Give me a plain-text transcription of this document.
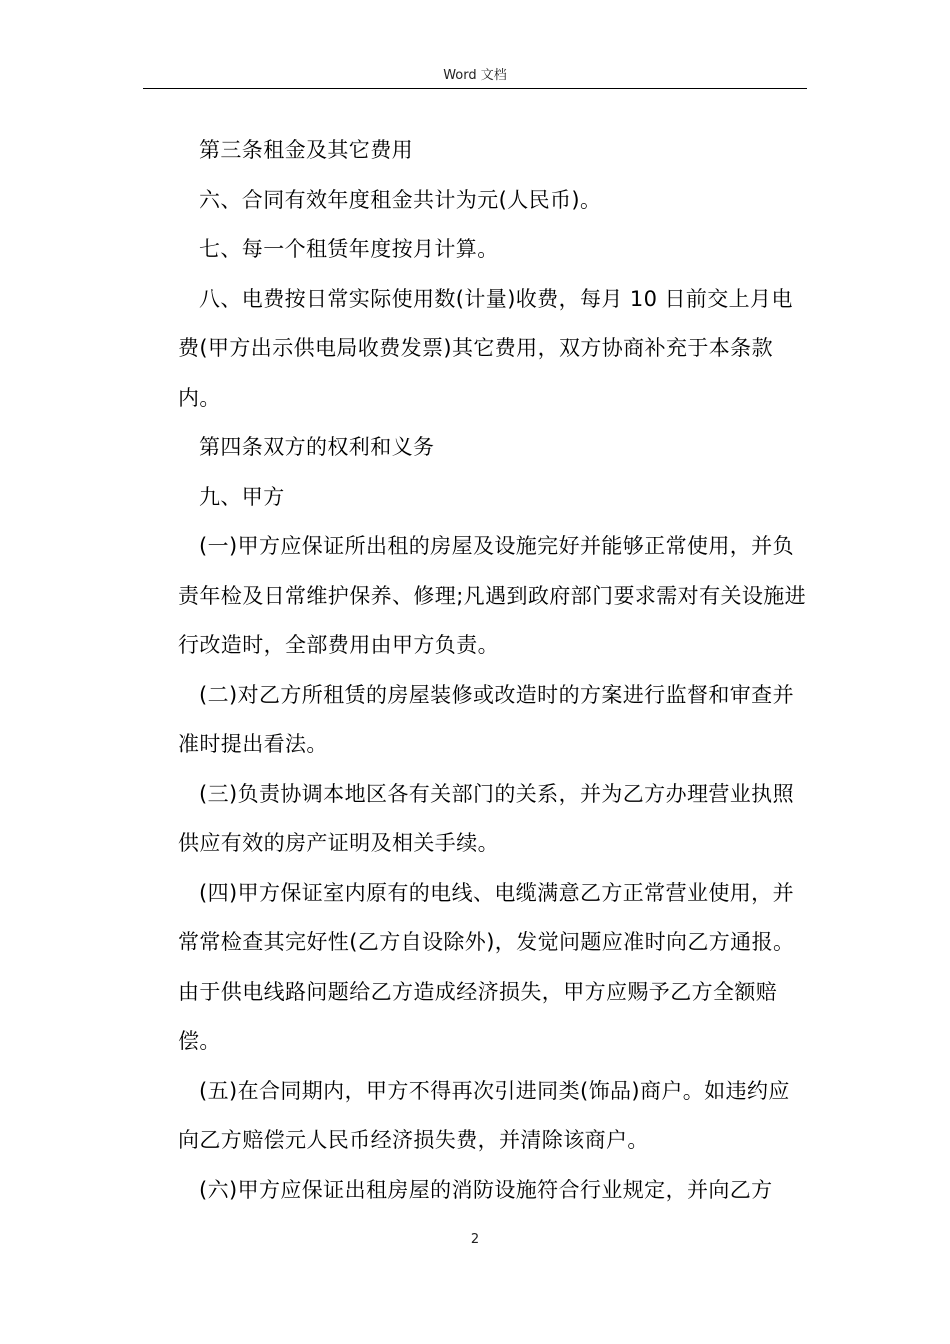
Word 文档

第三条租金及其它费用

六、合同有效年度租金共计为元(人民币)。

七、每一个租赁年度按月计算。

八、电费按日常实际使用数(计量)收费，每月 10 日前交上月电费(甲方出示供电局收费发票)其它费用，双方协商补充于本条款内。

第四条双方的权利和义务

九、甲方

(一)甲方应保证所出租的房屋及设施完好并能够正常使用，并负责年检及日常维护保养、修理;凡遇到政府部门要求需对有关设施进行改造时，全部费用由甲方负责。

(二)对乙方所租赁的房屋装修或改造时的方案进行监督和审查并准时提出看法。

(三)负责协调本地区各有关部门的关系，并为乙方办理营业执照供应有效的房产证明及相关手续。

(四)甲方保证室内原有的电线、电缆满意乙方正常营业使用，并常常检查其完好性(乙方自设除外)，发觉问题应准时向乙方通报。由于供电线路问题给乙方造成经济损失，甲方应赐予乙方全额赔偿。

(五)在合同期内，甲方不得再次引进同类(饰品)商户。如违约应向乙方赔偿元人民币经济损失费，并清除该商户。

(六)甲方应保证出租房屋的消防设施符合行业规定，并向乙方

2
